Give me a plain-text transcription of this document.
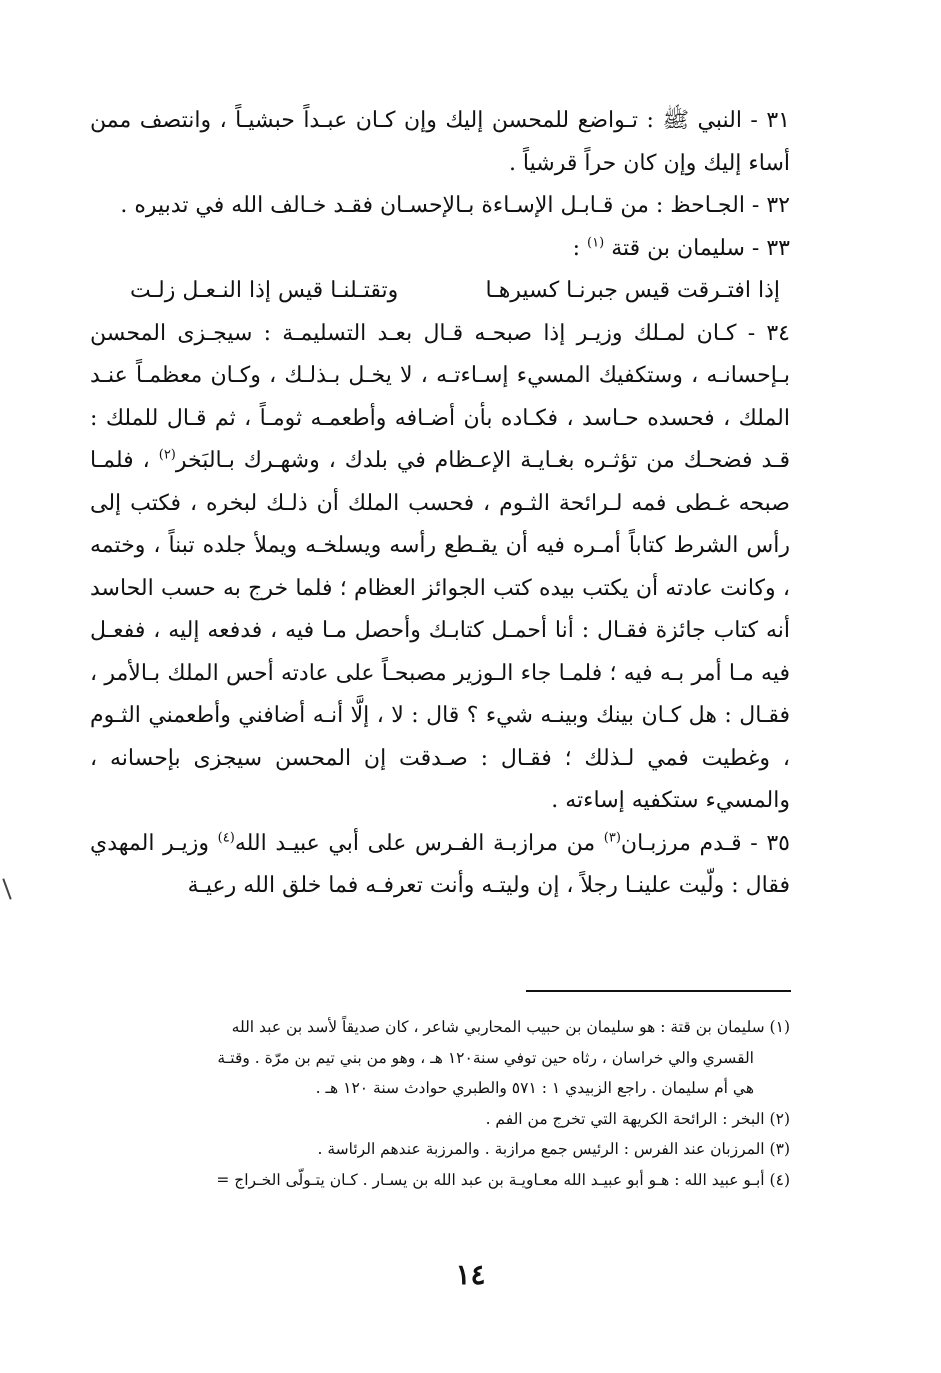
٣١ - النبي ﷺ : تـواضع للمحسن إليك وإن كـان عبـداً حبشيـاً ، وانتصف ممن أساء إليك وإن كان حراً قرشياً .

٣٢ - الجـاحظ : من قـابـل الإسـاءة بـالإحسـان فقـد خـالف الله في تدبيره .

٣٣ - سليمان بن قتة $^{(١)}$ :

إذا افتـرقت قيس جبرنـا كسيرهـا
وتقتـلنـا قيس إذا النـعـل زلـت

٣٤ - كـان لمـلك وزيـر إذا صبحـه قـال بعـد التسليمـة : سيجـزى المحسن بـإحسانـه ، وستكفيك المسيء إسـاءتـه ، لا يخـل بـذلـك ، وكـان معظمـاً عنـد الملك ، فحسده حـاسد ، فكـاده بأن أضـافه وأطعمـه ثومـاً ، ثم قـال للملك : قـد فضحـك من تؤثـره بغـايـة الإعـظام في بلدك ، وشهـرك بـالبَخر$^{(٢)}$ ، فلمـا صبحه غـطى فمه لـرائحة الثـوم ، فحسب الملك أن ذلـك لبخره ، فكتب إلى رأس الشرط كتاباً أمـره فيه أن يقـطع رأسه ويسلخـه ويملأ جلده تبناً ، وختمه ، وكانت عادته أن يكتب بيده كتب الجوائز العظام ؛ فلما خرج به حسب الحاسد أنه كتاب جائزة فقـال : أنا أحمـل كتابـك وأحصل مـا فيه ، فدفعه إليه ، ففعـل فيه مـا أمر بـه فيه ؛ فلمـا جاء الـوزير مصبحـاً على عادته أحس الملك بـالأمر ، فقـال : هل كـان بينك وبينـه شيء ؟ قال : لا ، إلَّا أنـه أضافني وأطعمني الثـوم ، وغطيت فمي لـذلك ؛ فقـال : صـدقت إن المحسن سيجزى بإحسانه ، والمسيء ستكفيه إساءته .

٣٥ - قـدم مرزبـان$^{(٣)}$ من مرازبـة الفـرس على أبي عبيـد الله$^{(٤)}$ وزيـر المهدي فقال : ولّيت علينـا رجلاً ، إن وليتـه وأنت تعرفـه فما خلق الله رعيـة

(١) سليمان بن قتة : هو سليمان بن حبيب المحاربي شاعر ، كان صديقاً لأسد بن عبد الله
القسري والي خراسان ، رثاه حين توفي سنة١٢٠ هـ ، وهو من بني تيم بن مرّة . وقتـة
هي أم سليمان . راجع الزبيدي ١ : ٥٧١ والطبري حوادث سنة ١٢٠ هـ .

(٢) البخر : الرائحة الكريهة التي تخرج من الفم .

(٣) المرزبان عند الفرس : الرئيس جمع مرازبة . والمرزبة عندهم الرئاسة .

(٤) أبـو عبيد الله : هـو أبو عبيـد الله معـاويـة بن عبد الله بن يسـار . كـان يتـولّى الخـراج =

١٤
